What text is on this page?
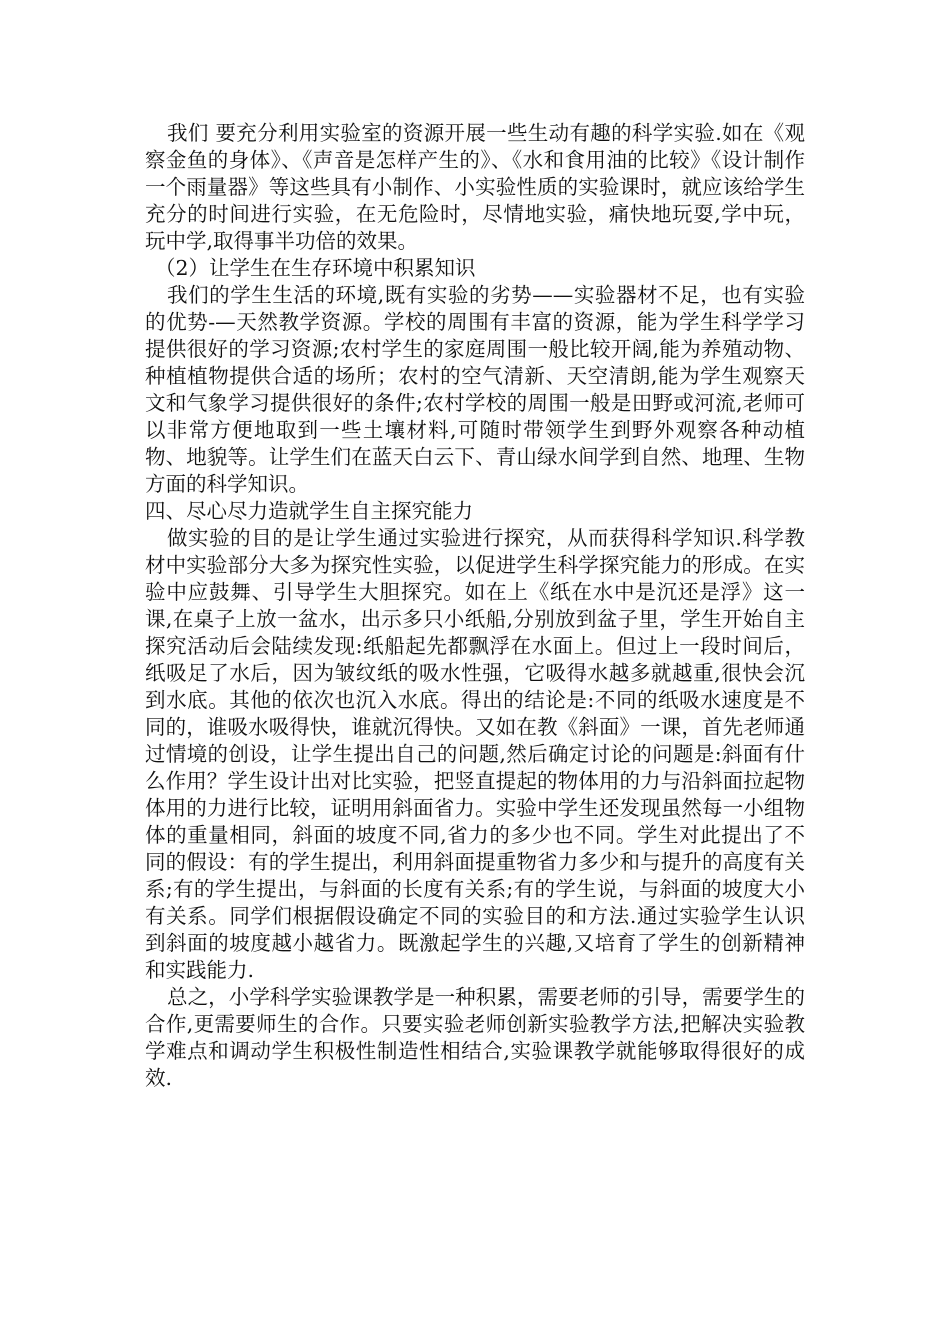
我们 要充分利用实验室的资源开展一些生动有趣的科学实验.如在《观察金鱼的身体》、《声音是怎样产生的》、《水和食用油的比较》《设计制作一个雨量器》等这些具有小制作、小实验性质的实验课时，就应该给学生充分的时间进行实验，在无危险时，尽情地实验，痛快地玩耍,学中玩，玩中学,取得事半功倍的效果。

（2）让学生在生存环境中积累知识

我们的学生生活的环境,既有实验的劣势——实验器材不足，也有实验的优势-—天然教学资源。学校的周围有丰富的资源，能为学生科学学习提供很好的学习资源;农村学生的家庭周围一般比较开阔,能为养殖动物、种植植物提供合适的场所；农村的空气清新、天空清朗,能为学生观察天文和气象学习提供很好的条件;农村学校的周围一般是田野或河流,老师可以非常方便地取到一些土壤材料,可随时带领学生到野外观察各种动植物、地貌等。让学生们在蓝天白云下、青山绿水间学到自然、地理、生物方面的科学知识。

四、尽心尽力造就学生自主探究能力

做实验的目的是让学生通过实验进行探究，从而获得科学知识.科学教材中实验部分大多为探究性实验，以促进学生科学探究能力的形成。在实验中应鼓舞、引导学生大胆探究。如在上《纸在水中是沉还是浮》这一课,在桌子上放一盆水，出示多只小纸船,分别放到盆子里，学生开始自主探究活动后会陆续发现:纸船起先都飘浮在水面上。但过上一段时间后，纸吸足了水后，因为皱纹纸的吸水性强，它吸得水越多就越重,很快会沉到水底。其他的依次也沉入水底。得出的结论是:不同的纸吸水速度是不同的，谁吸水吸得快，谁就沉得快。又如在教《斜面》一课，首先老师通过情境的创设，让学生提出自己的问题,然后确定讨论的问题是:斜面有什么作用？学生设计出对比实验，把竖直提起的物体用的力与沿斜面拉起物体用的力进行比较，证明用斜面省力。实验中学生还发现虽然每一小组物体的重量相同，斜面的坡度不同,省力的多少也不同。学生对此提出了不同的假设：有的学生提出，利用斜面提重物省力多少和与提升的高度有关系;有的学生提出，与斜面的长度有关系;有的学生说，与斜面的坡度大小有关系。同学们根据假设确定不同的实验目的和方法.通过实验学生认识到斜面的坡度越小越省力。既激起学生的兴趣,又培育了学生的创新精神和实践能力.

总之，小学科学实验课教学是一种积累，需要老师的引导，需要学生的合作,更需要师生的合作。只要实验老师创新实验教学方法,把解决实验教学难点和调动学生积极性制造性相结合,实验课教学就能够取得很好的成效.
